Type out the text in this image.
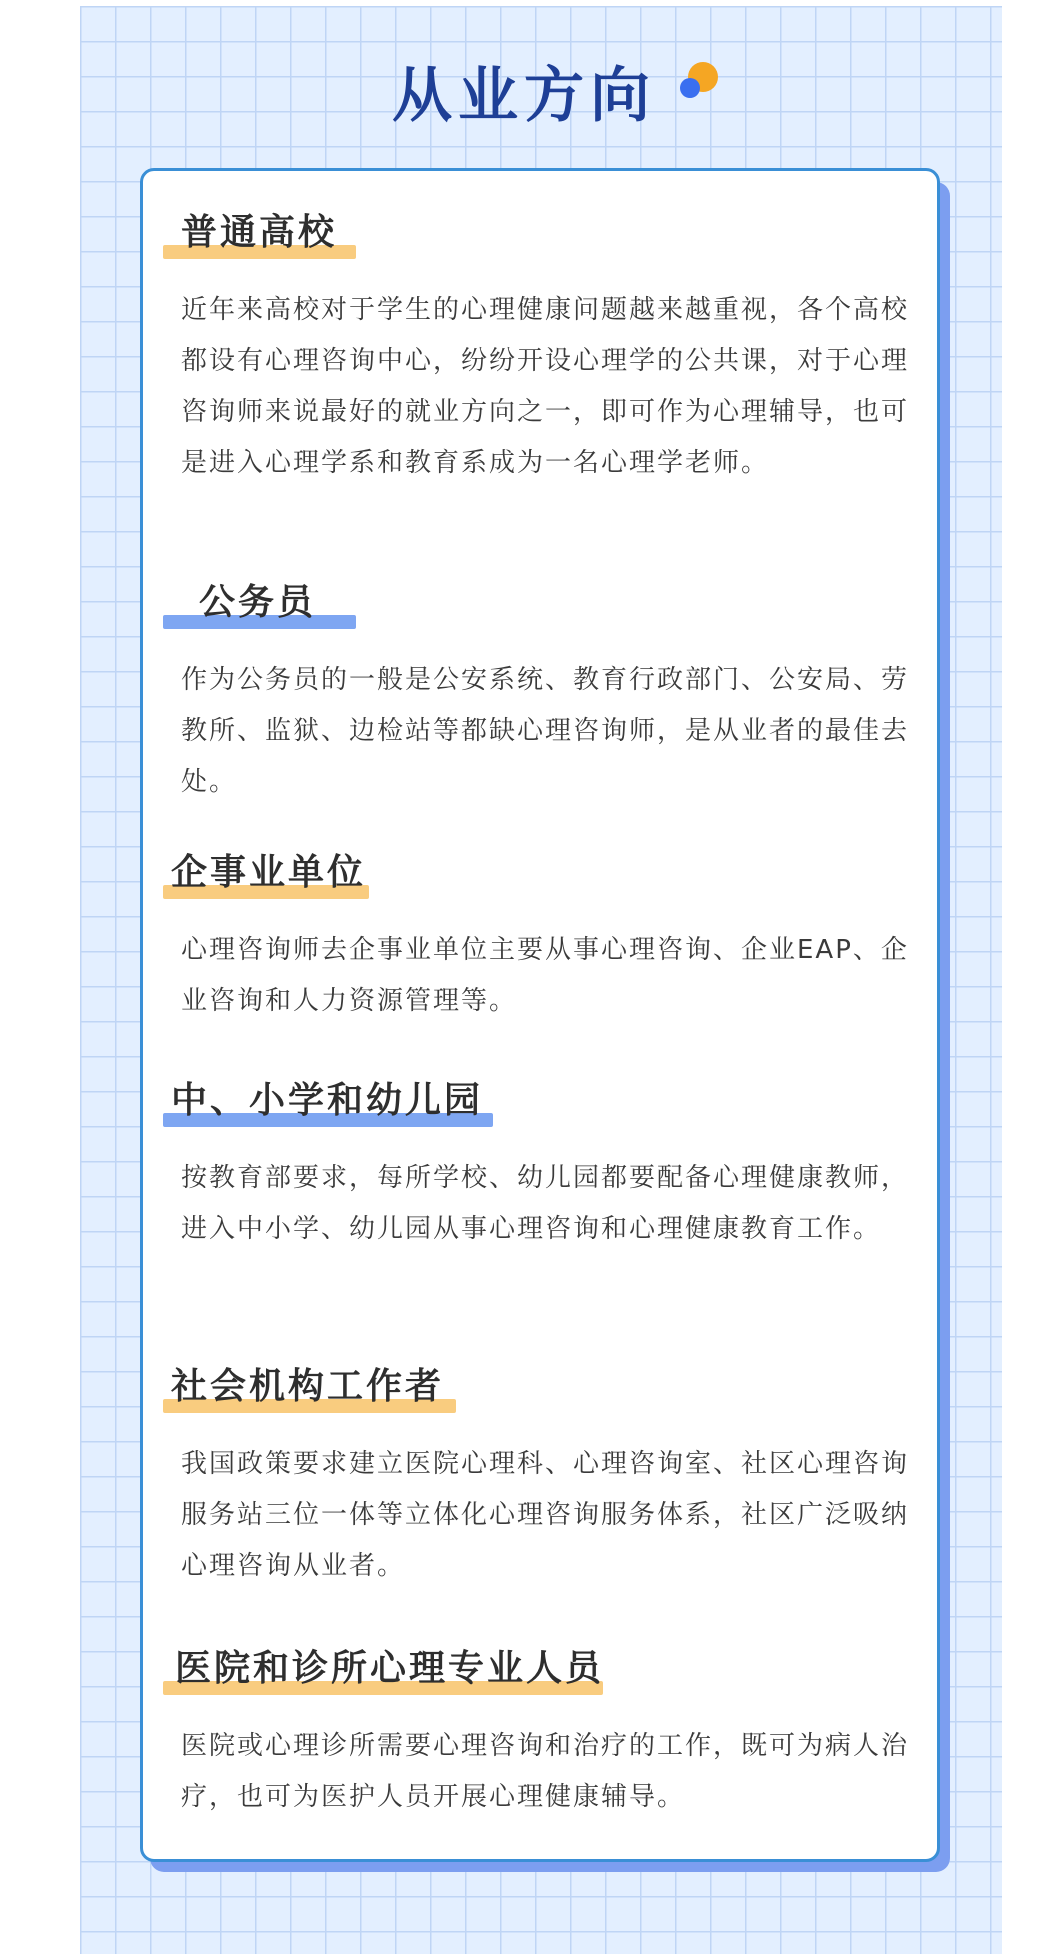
从业方向
普通高校

近年来高校对于学生的心理健康问题越来越重视，各个高校都设有心理咨询中心，纷纷开设心理学的公共课，对于心理咨询师来说最好的就业方向之一，即可作为心理辅导，也可是进入心理学系和教育系成为一名心理学老师。

公务员

作为公务员的一般是公安系统、教育行政部门、公安局、劳教所、监狱、边检站等都缺心理咨询师，是从业者的最佳去处。

企事业单位

心理咨询师去企事业单位主要从事心理咨询、企业EAP、企业咨询和人力资源管理等。

中、小学和幼儿园

按教育部要求，每所学校、幼儿园都要配备心理健康教师，进入中小学、幼儿园从事心理咨询和心理健康教育工作。

社会机构工作者

我国政策要求建立医院心理科、心理咨询室、社区心理咨询服务站三位一体等立体化心理咨询服务体系，社区广泛吸纳心理咨询从业者。

医院和诊所心理专业人员

医院或心理诊所需要心理咨询和治疗的工作，既可为病人治疗，也可为医护人员开展心理健康辅导。
